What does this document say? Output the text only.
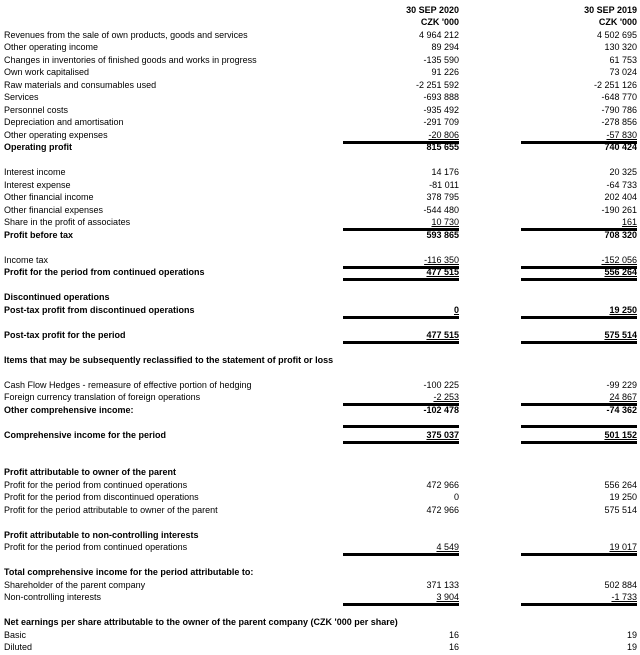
30 SEP 2020	30 SEP 2019
CZK '000	CZK '000
Revenues from the sale of own products, goods and services	4 964 212	4 502 695
Other operating income	89 294	130 320
Changes in inventories of finished goods and works in progress	-135 590	61 753
Own work capitalised	91 226	73 024
Raw materials and consumables used	-2 251 592	-2 251 126
Services	-693 888	-648 770
Personnel costs	-935 492	-790 786
Depreciation and amortisation	-291 709	-278 856
Other operating expenses	-20 806	-57 830
Operating profit	815 655	740 424
Interest income	14 176	20 325
Interest expense	-81 011	-64 733
Other financial income	378 795	202 404
Other financial expenses	-544 480	-190 261
Share in the profit of associates	10 730	161
Profit before tax	593 865	708 320
Income tax	-116 350	-152 056
Profit for the period from continued operations	477 515	556 264
Discontinued operations
Post-tax profit from discontinued operations	0	19 250
Post-tax profit for the period	477 515	575 514
Items that may be subsequently reclassified to the statement of profit or loss
Cash Flow Hedges - remeasure of effective portion of hedging	-100 225	-99 229
Foreign currency translation of foreign operations	-2 253	24 867
Other comprehensive income:	-102 478	-74 362
Comprehensive income for the period	375 037	501 152
Profit attributable to owner of the parent
Profit for the period from continued operations	472 966	556 264
Profit for the period from discontinued operations	0	19 250
Profit for the period attributable to owner of the parent	472 966	575 514
Profit attributable to non-controlling interests
Profit for the period from continued operations	4 549	19 017
Total comprehensive income for the period attributable to:
Shareholder of the parent company	371 133	502 884
Non-controlling interests	3 904	-1 733
Net earnings per share attributable to the owner of the parent company (CZK '000 per share)
Basic	16	19
Diluted	16	19
